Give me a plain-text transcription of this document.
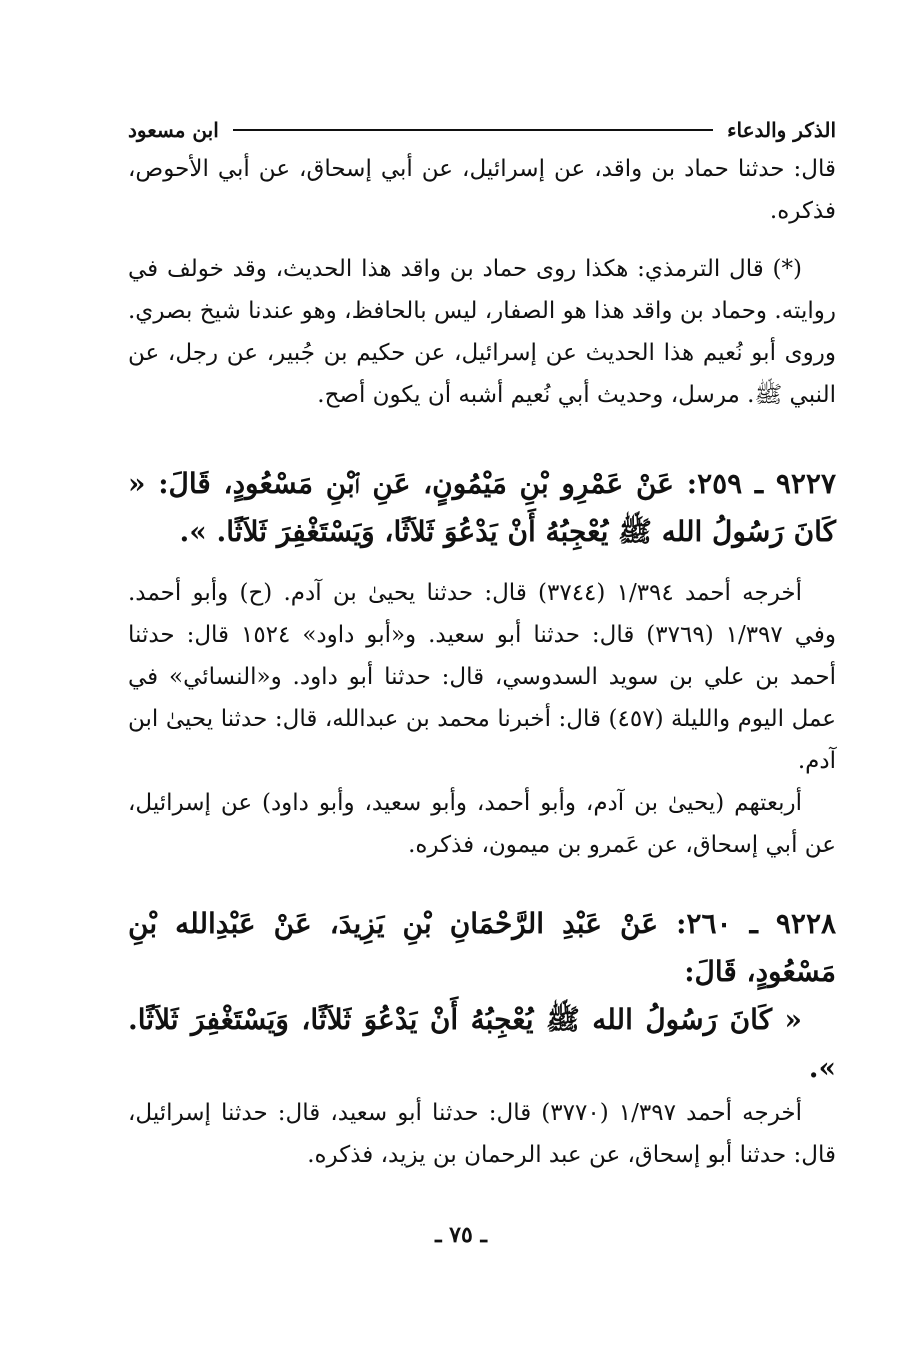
الذكر والدعاء
ابن مسعود

قال: حدثنا حماد بن واقد، عن إسرائيل، عن أبي إسحاق، عن أبي الأحوص، فذكره.

(*) قال الترمذي: هكذا روى حماد بن واقد هذا الحديث، وقد خولف في روايته. وحماد بن واقد هذا هو الصفار، ليس بالحافظ، وهو عندنا شيخ بصري. وروى أبو نُعيم هذا الحديث عن إسرائيل، عن حكيم بن جُبير، عن رجل، عن النبي ﷺ. مرسل، وحديث أبي نُعيم أشبه أن يكون أصح.

٩٢٢٧ ـ ٢٥٩: عَنْ عَمْرِو بْنِ مَيْمُونٍ، عَنِ ٱبْنِ مَسْعُودٍ، قَالَ: « كَانَ رَسُولُ الله ﷺ يُعْجِبُهُ أَنْ يَدْعُوَ ثَلاَثًا، وَيَسْتَغْفِرَ ثَلاَثًا. ».

أخرجه أحمد ١/٣٩٤ (٣٧٤٤) قال: حدثنا يحيىٰ بن آدم. (ح) وأبو أحمد. وفي ١/٣٩٧ (٣٧٦٩) قال: حدثنا أبو سعيد. و«أبو داود» ١٥٢٤ قال: حدثنا أحمد بن علي بن سويد السدوسي، قال: حدثنا أبو داود. و«النسائي» في عمل اليوم والليلة (٤٥٧) قال: أخبرنا محمد بن عبدالله، قال: حدثنا يحيىٰ ابن آدم.

أربعتهم (يحيىٰ بن آدم، وأبو أحمد، وأبو سعيد، وأبو داود) عن إسرائيل، عن أبي إسحاق، عن عَمرو بن ميمون، فذكره.

٩٢٢٨ ـ ٢٦٠: عَنْ عَبْدِ الرَّحْمَانِ بْنِ يَزِيدَ، عَنْ عَبْدِالله بْنِ مَسْعُودٍ، قَالَ:

« كَانَ رَسُولُ الله ﷺ يُعْجِبُهُ أَنْ يَدْعُوَ ثَلاَثًا، وَيَسْتَغْفِرَ ثَلاَثًا. ».

أخرجه أحمد ١/٣٩٧ (٣٧٧٠) قال: حدثنا أبو سعيد، قال: حدثنا إسرائيل، قال: حدثنا أبو إسحاق، عن عبد الرحمان بن يزيد، فذكره.

ـ ٧٥ ـ
